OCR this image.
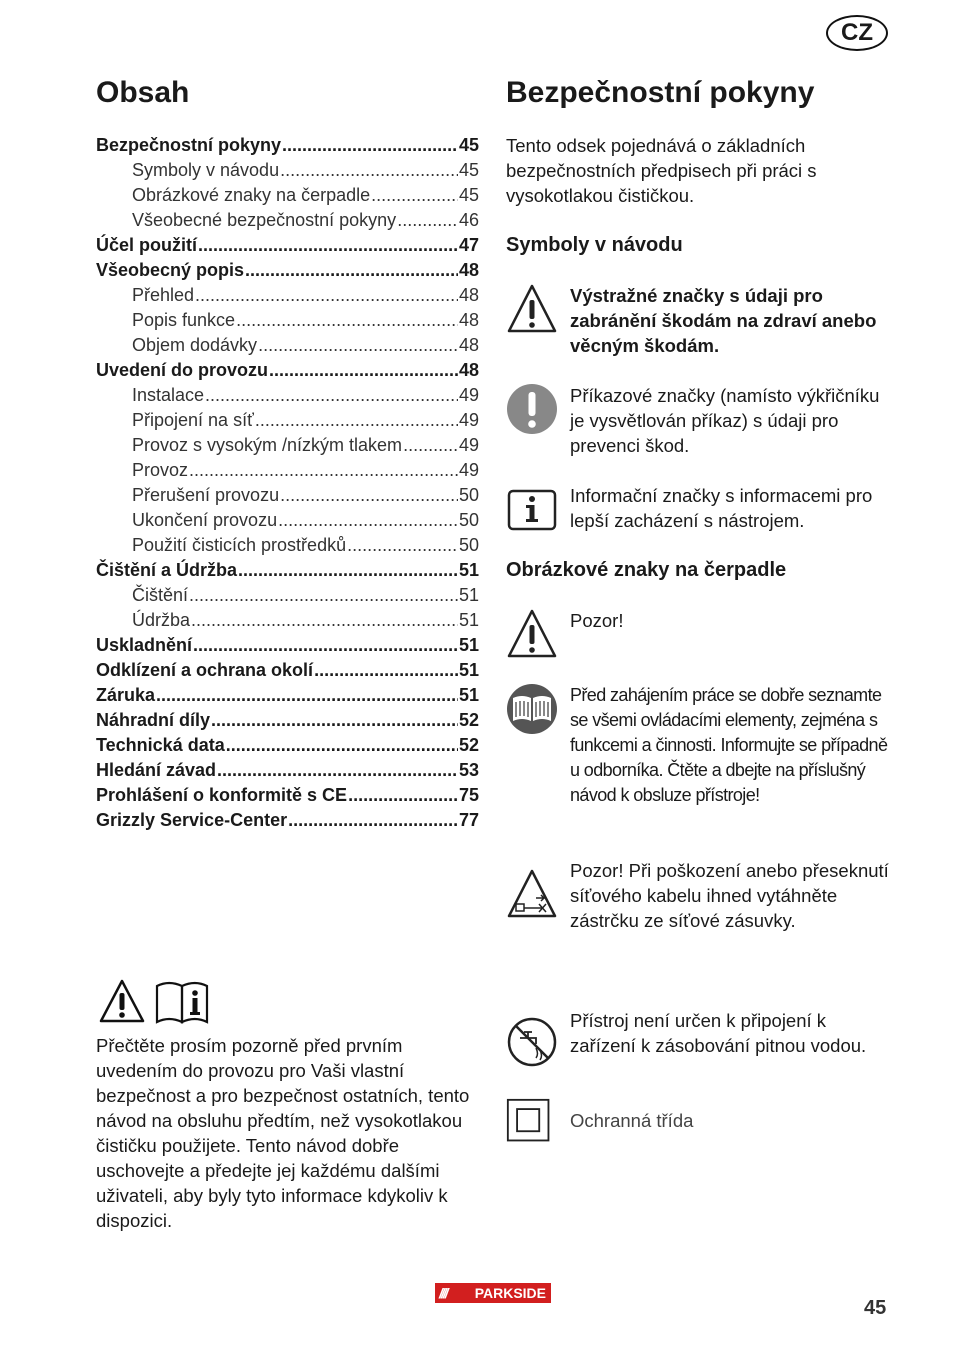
CZ
Obsah
Bezpečnostní pokyny .....	45
Symboly v návodu .....	45
Obrázkové znaky na čerpadle .....	45
Všeobecné bezpečnostní pokyny .....	46
Účel použití .....	47
Všeobecný popis .....	48
Přehled .....	48
Popis funkce .....	48
Objem dodávky .....	48
Uvedení do provozu .....	48
Instalace .....	49
Připojení na síť .....	49
Provoz s vysokým /nízkým tlakem .....	49
Provoz .....	49
Přerušení provozu .....	50
Ukončení provozu .....	50
Použití čisticích prostředků .....	50
Čištění a Údržba .....	51
Čištění .....	51
Údržba .....	51
Uskladnění .....	51
Odklízení a ochrana okolí .....	51
Záruka .....	51
Náhradní díly .....	52
Technická data .....	52
Hledání závad .....	53
Prohlášení o konformitě s CE .....	75
Grizzly Service-Center .....	77
Přečtěte prosím pozorně před prvním uvedením do provozu pro Vaši vlastní bezpečnost a pro bezpečnost ostatních, tento návod na obsluhu předtím, než vysokotlakou čističku použijete. Tento návod dobře uschovejte a předejte jej každému dalšími uživateli, aby byly tyto informace kdykoliv k dispozici.
Bezpečnostní pokyny
Tento odsek pojednává o základních bezpečnostních předpisech při práci s vysokotlakou čističkou.
Symboly v návodu
Výstražné značky s údaji pro zabránění škodám na zdraví anebo věcným škodám.
Příkazové značky (namísto výkřičníku je vysvětlován příkaz) s údaji pro prevenci škod.
Informační značky s informacemi pro lepší zacházení s nástrojem.
Obrázkové znaky na čerpadle
Pozor!
Před zahájením práce se dobře seznamte se všemi ovládacími elementy, zejména s funkcemi a činnosti. Informujte se případně u odborníka. Čtěte a dbejte na příslušný návod k obsluze přístroje!
Pozor! Při poškození anebo přeseknutí síťového kabelu ihned vytáhněte zástrčku ze síťové zásuvky.
Přístroj není určen k připojení k zařízení k zásobování pitnou vodou.
Ochranná třída
//// PARKSIDE
45
